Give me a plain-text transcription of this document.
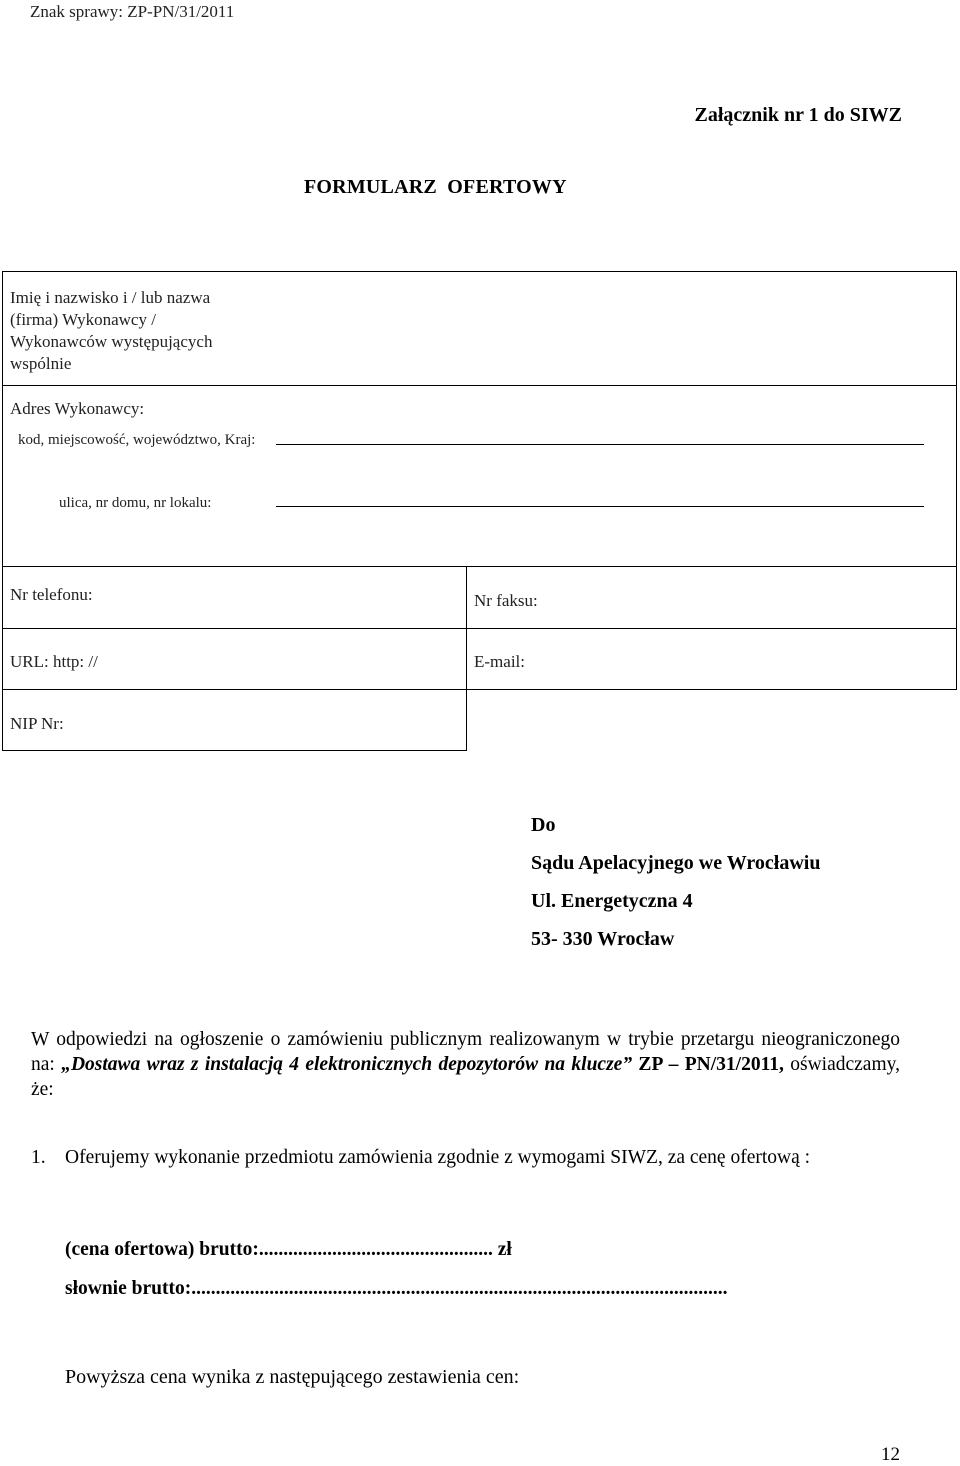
Znak sprawy: ZP-PN/31/2011
Załącznik nr 1 do SIWZ
FORMULARZ  OFERTOWY
Imię i nazwisko i / lub nazwa
(firma) Wykonawcy /
Wykonawców występujących
wspólnie
Adres Wykonawcy:
kod, miejscowość, województwo, Kraj:
ulica, nr domu, nr lokalu:
Nr telefonu:	Nr faksu:
URL: http: //	E-mail:
NIP Nr:
Do
Sądu Apelacyjnego we Wrocławiu
Ul. Energetyczna 4
53- 330 Wrocław
W odpowiedzi na ogłoszenie o zamówieniu publicznym realizowanym w trybie przetargu nieograniczonego na: „Dostawa wraz z instalacją 4 elektronicznych depozytorów na klucze” ZP – PN/31/2011, oświadczamy, że:
1. Oferujemy wykonanie przedmiotu zamówienia zgodnie z wymogami SIWZ, za cenę ofertową :
(cena ofertowa) brutto:................................................ zł
słownie brutto:..............................................................................................................
Powyższa cena wynika z następującego zestawienia cen:
12
